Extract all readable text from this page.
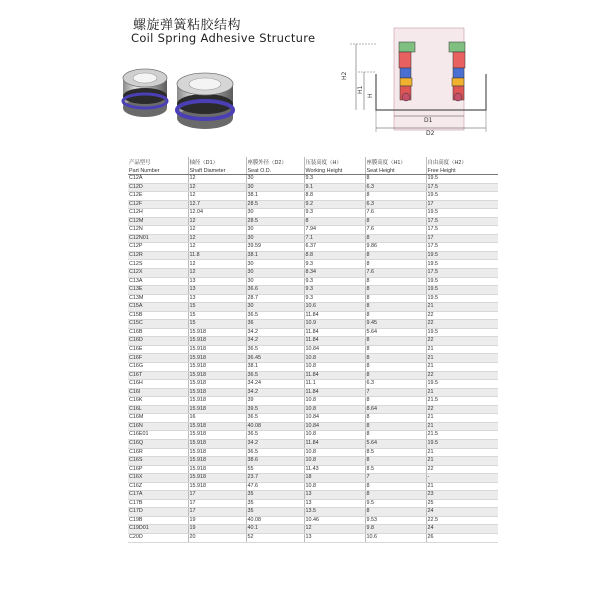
螺旋弹簧粘胶结构
Coil Spring Adhesive Structure
H2
H1
H
D1
D2
产品型号	轴径（D1）	座膜外径（D2）	压装高度（H）	座膜高度（H1）	自由高度（H2）
Part Number	Shaft Diameter	Seat O.D.	Working Height	Seat Height	Free Height
C12A	12	30	9.3	8	19.5
C12D	12	30	9.1	6.3	17.5
C12E	12	38.1	8.8	8	19.5
C12F	12.7	28.5	9.2	6.3	17
C12H	12.04	30	9.3	7.6	19.5
C12M	12	28.5	8	8	17.5
C12N	12	30	7.94	7.6	17.5
C12N01	12	30	7.1	8	17
C12P	12	39.59	6.37	9.86	17.5
C12R	11.8	38.1	8.8	8	19.5
C12S	12	30	9.3	8	19.5
C12X	12	30	8.34	7.6	17.5
C13A	13	30	9.3	8	19.5
C13E	13	36.6	9.3	8	19.5
C13M	13	28.7	9.3	8	19.5
C15A	15	30	10.6	8	21
C15B	15	36.5	11.84	8	22
C15C	15	36	10.9	9.45	22
C16B	15.918	34.2	11.84	5.64	19.5
C16D	15.918	34.2	11.84	8	22
C16E	15.918	36.5	10.84	8	21
C16F	15.918	36.45	10.8	8	21
C16G	15.918	38.1	10.8	8	21
C16T	15.918	36.5	11.84	8	22
C16H	15.918	34.24	11.1	6.3	19.5
C16I	15.918	34.2	11.84	7	21
C16K	15.918	39	10.8	8	21.5
C16L	15.918	39.5	10.8	8.64	22
C16M	16	36.5	10.84	8	21
C16N	15.918	40.08	10.84	8	21
C16E01	15.918	36.5	10.8	8	21.5
C16Q	15.918	34.2	11.84	5.64	19.5
C16R	15.918	36.5	10.8	8.5	21
C16S	15.918	38.6	10.8	8	21
C16P	15.918	55	11.43	8.5	22
C16X	15.918	23.7	18	7	-
C16Z	15.918	47.6	10.8	8	21
C17A	17	35	13	8	23
C17B	17	35	13	9.5	25
C17D	17	35	13.5	8	24
C19B	19	40.08	10.46	9.53	22.5
C19D01	19	40.1	12	9.8	24
C20D	20	52	13	10.6	26
